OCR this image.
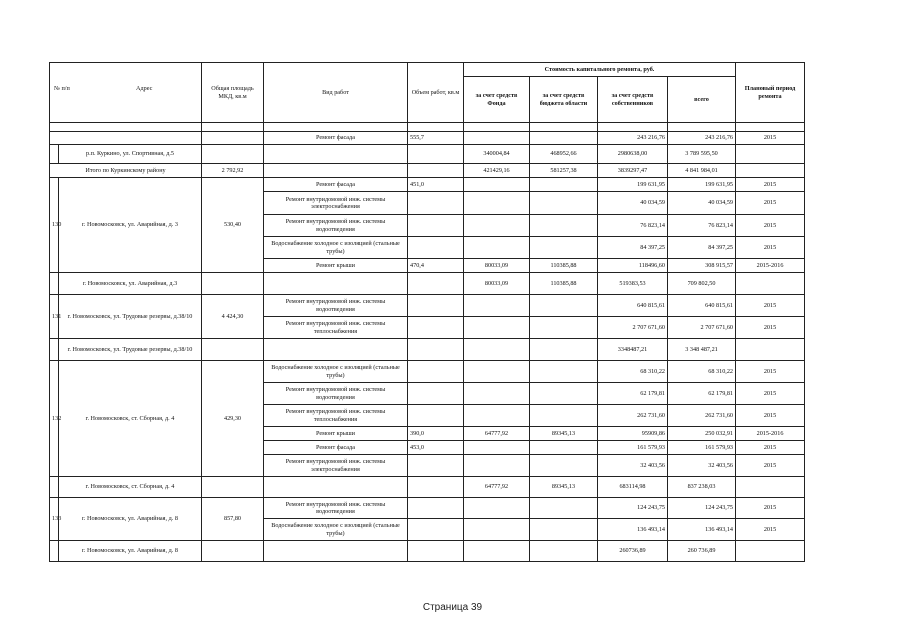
№ п/п Адрес		Общая площадь МКД, кв.м	Вид работ	Объем работ, кв.м	Стоимость капитального ремонта, руб.				Плановый период ремонта
					за счет средств Фонда	за счет средств бюджета области	за счет средств собственников	всего	

			Ремонт фасада	555,7			243 216,76	243 216,76	2015
	р.п. Куркино, ул. Спортивная, д.5				340004,84	468952,66	2980638,00	3 789 595,50	
Итого по Куркинскому району		2 792,92			421429,16	581257,38	3839297,47	4 841 984,01	
130	г. Новомосковск, ул. Аварийная, д. 3	530,40	Ремонт фасада	451,0			199 631,95	199 631,95	2015
			Ремонт внутридомовой инж. системы электроснабжения				40 034,59	40 034,59	2015
			Ремонт внутридомовой инж. системы водоотведения				76 823,14	76 823,14	2015
			Водоснабжение холодное с изоляцией (стальные трубы)				84 397,25	84 397,25	2015
			Ремонт крыши	470,4	80033,09	110385,88	118496,60	308 915,57	2015-2016
	г. Новомосковск, ул. Аварийная, д.3				80033,09	110385,88	519383,53	709 802,50	
131	г. Новомосковск, ул. Трудовые резервы, д.38/10	4 424,30	Ремонт внутридомовой инж. системы водоотведения				640 815,61	640 815,61	2015
			Ремонт внутридомовой инж. системы теплоснабжения				2 707 671,60	2 707 671,60	2015
	г. Новомосковск, ул. Трудовые резервы, д.38/10						3348487,21	3 348 487,21	
132	г. Новомосковск, ст. Сборная, д. 4	429,30	Водоснабжение холодное с изоляцией (стальные трубы)				68 310,22	68 310,22	2015
			Ремонт внутридомовой инж. системы водоотведения				62 179,81	62 179,81	2015
			Ремонт внутридомовой инж. системы теплоснабжения				262 731,60	262 731,60	2015
			Ремонт крыши	390,0	64777,92	89345,13	95909,86	250 032,91	2015-2016
			Ремонт фасада	453,0			161 579,93	161 579,93	2015
			Ремонт внутридомовой инж. системы электроснабжения				32 403,56	32 403,56	2015
	г. Новомосковск, ст. Сборная, д. 4				64777,92	89345,13	683114,98	837 238,03	
133	г. Новомосковск, ул. Аварийная, д. 8	857,80	Ремонт внутридомовой инж. системы водоотведения				124 243,75	124 243,75	2015
			Водоснабжение холодное с изоляцией (стальные трубы)				136 493,14	136 493,14	2015
	г. Новомосковск, ул. Аварийная, д. 8						260736,89	260 736,89	
Страница 39
